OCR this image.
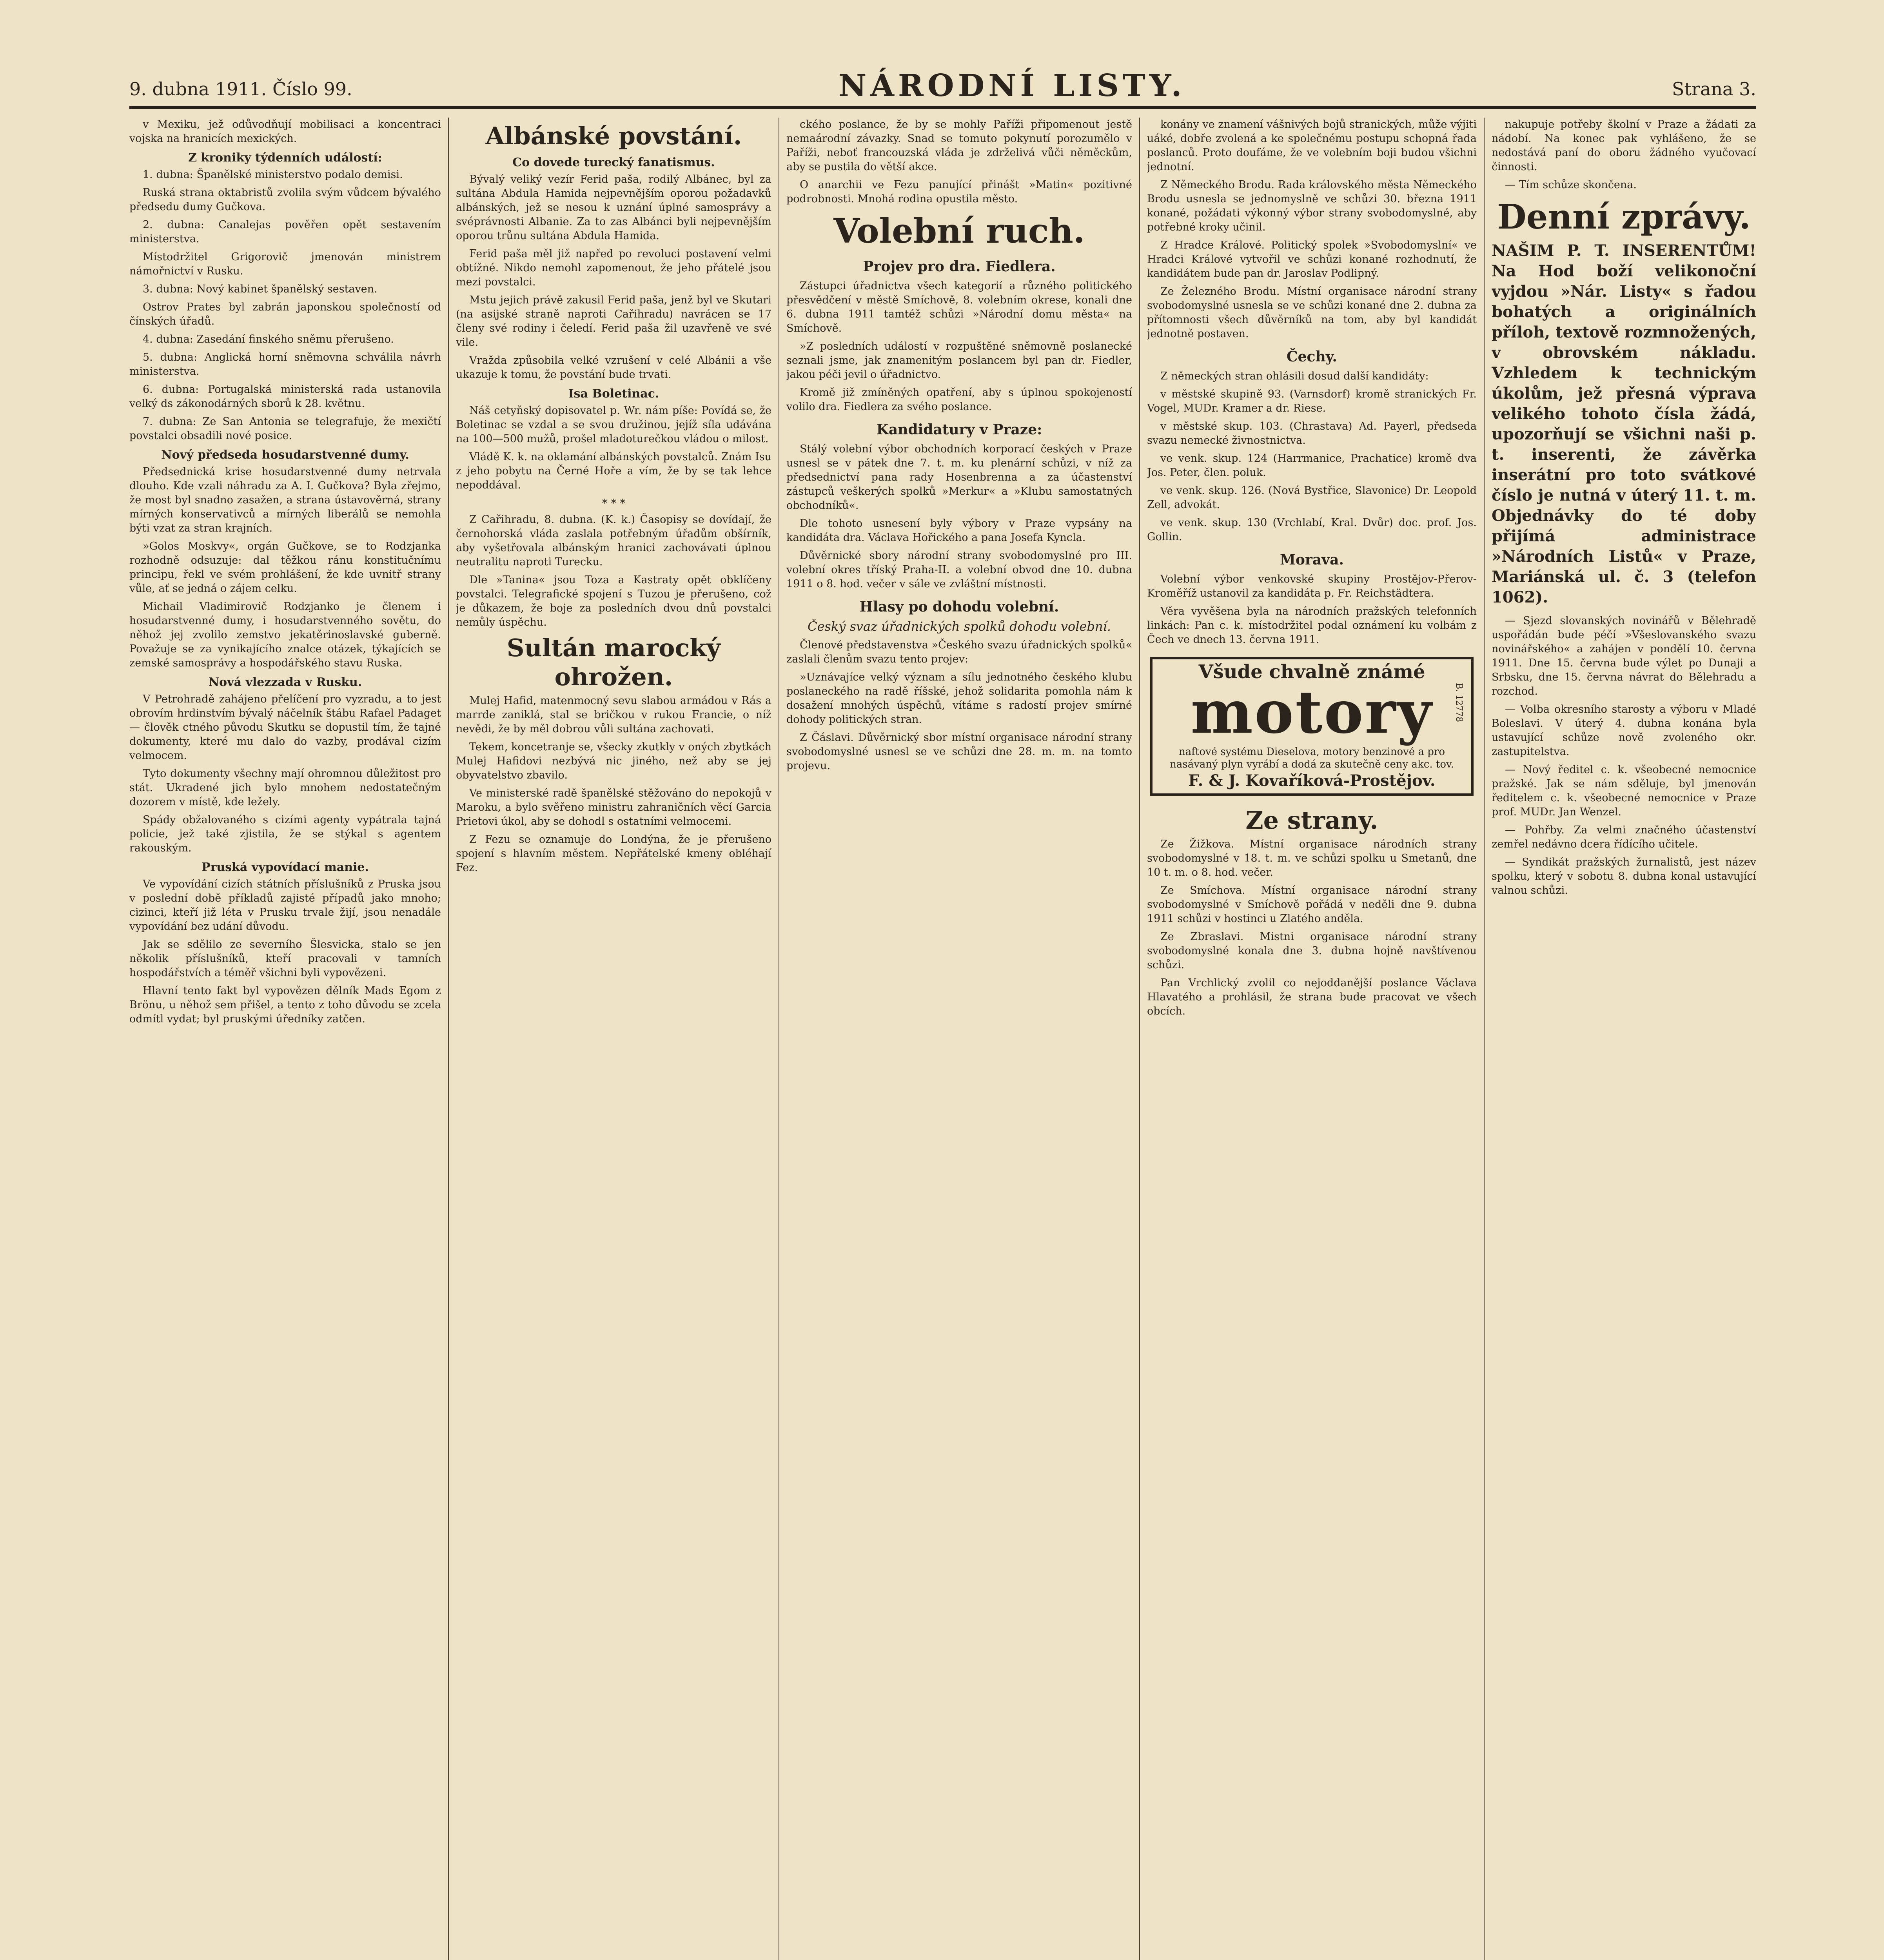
9. dubna 1911. Číslo 99.	NÁRODNÍ LISTY.	Strana 3.

v Mexiku, jež odůvodňují mobilisaci a koncentraci vojska na hranicích mexických.

Z kroniky týdenních událostí:

1. dubna: Španělské ministerstvo podalo demisi.

Ruská strana oktabristů zvolila svým vůdcem bývalého předsedu dumy Gučkova.

2. dubna: Canalejas pověřen opět sestavením ministerstva.

Místodržitel Grigorovič jmenován ministrem námořnictví v Rusku.

3. dubna: Nový kabinet španělský sestaven.

Ostrov Prates byl zabrán japonskou společností od čínských úřadů.

4. dubna: Zasedání finského sněmu přerušeno.

5. dubna: Anglická horní sněmovna schválila návrh ministerstva.

6. dubna: Portugalská ministerská rada ustanovila velký ds zákonodárných sborů k 28. květnu.

7. dubna: Ze San Antonia se telegrafuje, že mexičtí povstalci obsadili nové posice.

Nový předseda hosudarstvenné dumy.

Předsednická krise hosudarstvenné dumy netrvala dlouho. Kde vzali náhradu za A. I. Gučkova? Byla zřejmo, že most byl snadno zasažen, a strana ústavověrná, strany mírných konservativců a mírných liberálů se nemohla býti vzat za stran krajních.

»Golos Moskvy«, orgán Gučkove, se to Rodzjanka rozhodně odsuzuje: dal těžkou ránu konstitučnímu principu, řekl ve svém prohlášení, že kde uvnitř strany vůle, ať se jedná o zájem celku.

Michail Vladimirovič Rodzjanko je členem i hosudarstvenné dumy, i hosudarstvenného sovětu, do něhož jej zvolilo zemstvo jekatěrinoslavské guberně. Považuje se za vynikajícího znalce otázek, týkajících se zemské samosprávy a hospodářského stavu Ruska.

Nová vlezzada v Rusku.

V Petrohradě zahájeno přelíčení pro vyzradu, a to jest obrovím hrdinstvím bývalý náčelník štábu Rafael Padaget — člověk ctného původu Skutku se dopustil tím, že tajné dokumenty, které mu dalo do vazby, prodával cizím velmocem.

Tyto dokumenty všechny mají ohromnou důležitost pro stát. Ukradené jich bylo mnohem nedostatečným dozorem v místě, kde ležely.

Spády obžalovaného s cizími agenty vypátrala tajná policie, jež také zjistila, že se stýkal s agentem rakouským.

Pruská vypovídací manie.

Ve vypovídání cizích státních příslušníků z Pruska jsou v poslední době příkladů zajisté případů jako mnoho; cizinci, kteří již léta v Prusku trvale žijí, jsou nenadále vypovídání bez udání důvodu.

Jak se sdělilo ze severního Šlesvicka, stalo se jen několik příslušníků, kteří pracovali v tamních hospodářstvích a téměř všichni byli vypovězeni.

Hlavní tento fakt byl vypovězen dělník Mads Egom z Brönu, u něhož sem přišel, a tento z toho důvodu se zcela odmítl vydat; byl pruskými úředníky zatčen.

Albánské povstání.
Co dovede turecký fanatismus.

Bývalý veliký vezír Ferid paša, rodilý Albánec, byl za sultána Abdula Hamida nejpevnějším oporou požadavků albánských, jež se nesou k uznání úplné samosprávy a svéprávnosti Albanie. Za to zas Albánci byli nejpevnějším oporou trůnu sultána Abdula Hamida.

Ferid paša měl již napřed po revoluci postavení velmi obtížné. Nikdo nemohl zapomenout, že jeho přátelé jsou mezi povstalci.

Mstu jejich právě zakusil Ferid paša, jenž byl ve Skutari (na asijské straně naproti Cařihradu) navrácen se 17 členy své rodiny i čeledí. Ferid paša žil uzavřeně ve své vile.

Vražda způsobila velké vzrušení v celé Albánii a vše ukazuje k tomu, že povstání bude trvati.

Isa Boletinac.

Náš cetyňský dopisovatel p. Wr. nám píše: Povídá se, že Boletinac se vzdal a se svou družinou, jejíž síla udávána na 100—500 mužů, prošel mladoturečkou vládou o milost.

Vládě K. k. na oklamání albánských povstalců. Znám Isu z jeho pobytu na Černé Hoře a vím, že by se tak lehce nepoddával.

* * *

Z Cařihradu, 8. dubna. (K. k.) Časopisy se dovídají, že černohorská vláda zaslala potřebným úřadům obšírník, aby vyšetřovala albánským hranici zachovávati úplnou neutralitu naproti Turecku.

Dle »Tanina« jsou Toza a Kastraty opět obklíčeny povstalci. Telegrafické spojení s Tuzou je přerušeno, což je důkazem, že boje za posledních dvou dnů povstalci nemůly úspěchu.

Sultán marocký ohrožen.

Mulej Hafid, matenmocný sevu slabou armádou v Rás a marrde zaniklá, stal se bričkou v rukou Francie, o níž nevědi, že by měl dobrou vůli sultána zachovati.

Tekem, koncetranje se, všecky zkutkly v oných zbytkách Mulej Hafidovi nezbývá nic jiného, než aby se jej obyvatelstvo zbavilo.

Ve ministerské radě španělské stěžováno do nepokojů v Maroku, a bylo svěřeno ministru zahraničních věcí Garcia Prietovi úkol, aby se dohodl s ostatními velmocemi.

Z Fezu se oznamuje do Londýna, že je přerušeno spojení s hlavním městem. Nepřátelské kmeny obléhají Fez.

ckého poslance, že by se mohly Paříži připomenout jestě nemaárodní závazky. Snad se tomuto pokynutí porozumělo v Paříži, neboť francouzská vláda je zdrželivá vůči něměckům, aby se pustila do větší akce.

O anarchii ve Fezu panující přinášt »Matin« pozitivné podrobnosti. Mnohá rodina opustila město.

Volební ruch.
Projev pro dra. Fiedlera.

Zástupci úřadnictva všech kategorií a různého politického přesvědčení v městě Smíchově, 8. volebním okrese, konali dne 6. dubna 1911 tamtéž schůzi »Národní domu města« na Smíchově.

»Z posledních událostí v rozpuštěné sněmovně poslanecké seznali jsme, jak znamenitým poslancem byl pan dr. Fiedler, jakou péči jevil o úřadnictvo.

Kromě již zmíněných opatření, aby s úplnou spokojeností volilo dra. Fiedlera za svého poslance.

Kandidatury v Praze:

Stálý volební výbor obchodních korporací českých v Praze usnesl se v pátek dne 7. t. m. ku plenární schůzi, v níž za předsednictví pana rady Hosenbrenna a za účastenství zástupců veškerých spolků »Merkur« a »Klubu samostatných obchodníků«.

Dle tohoto usnesení byly výbory v Praze vypsány na kandidáta dra. Václava Hořického a pana Josefa Kyncla.

Důvěrnické sbory národní strany svobodomyslné pro III. volební okres tříský Praha-II. a volební obvod dne 10. dubna 1911 o 8. hod. večer v sále ve zvláštní místnosti.

Hlasy po dohodu volební.
Český svaz úřadnických spolků dohodu volební.

Členové představenstva »Českého svazu úřadnických spolků« zaslali členům svazu tento projev:

»Uznávajíce velký význam a sílu jednotného českého klubu poslaneckého na radě říšské, jehož solidarita pomohla nám k dosažení mnohých úspěchů, vítáme s radostí projev smírné dohody politických stran.

Z Čáslavi. Důvěrnický sbor místní organisace národní strany svobodomyslné usnesl se ve schůzi dne 28. m. m. na tomto projevu.

konány ve znamení vášnivých bojů stranických, může výjiti uáké, dobře zvolená a ke společnému postupu schopná řada poslanců. Proto doufáme, že ve volebním boji budou všichni jednotní.

Z Německého Brodu. Rada královského města Německého Brodu usnesla se jednomyslně ve schůzi 30. března 1911 konané, požádati výkonný výbor strany svobodomyslné, aby potřebné kroky učinil.

Z Hradce Králové. Politický spolek »Svobodomyslní« ve Hradci Králové vytvořil ve schůzi konané rozhodnutí, že kandidátem bude pan dr. Jaroslav Podlipný.

Ze Železného Brodu. Místní organisace národní strany svobodomyslné usnesla se ve schůzi konané dne 2. dubna za přítomnosti všech důvěrníků na tom, aby byl kandidát jednotně postaven.

Čechy.

Z německých stran ohlásili dosud další kandidáty:

v městské skupině 93. (Varnsdorf) kromě stranických Fr. Vogel, MUDr. Kramer a dr. Riese.

v městské skup. 103. (Chrastava) Ad. Payerl, předseda svazu nemecké živnostnictva.

ve venk. skup. 124 (Harrmanice, Prachatice) kromě dva Jos. Peter, člen. poluk.

ve venk. skup. 126. (Nová Bystřice, Slavonice) Dr. Leopold Zell, advokát.

ve venk. skup. 130 (Vrchlabí, Kral. Dvůr) doc. prof. Jos. Gollin.

Morava.

Volební výbor venkovské skupiny Prostějov-Přerov-Kroměříž ustanovil za kandidáta p. Fr. Reichstädtera.

Věra vyvěšena byla na národních pražských telefonních linkách: Pan c. k. místodržitel podal oznámení ku volbám z Čech ve dnech 13. června 1911.

Všude chvalně známé
motory
naftové systému Dieselova, motory benzinové a pro nasávaný plyn vyrábí a dodá za skutečně ceny akc. tov.
F. & J. Kovaříková-Prostějov.
B. 12778
Ze strany.

Ze Žižkova. Místní organisace národních strany svobodomyslné v 18. t. m. ve schůzi spolku u Smetanů, dne 10 t. m. o 8. hod. večer.

Ze Smíchova. Místní organisace národní strany svobodomyslné v Smíchově pořádá v neděli dne 9. dubna 1911 schůzi v hostinci u Zlatého anděla.

Ze Zbraslavi. Mistni organisace národní strany svobodomyslné konala dne 3. dubna hojně navštívenou schůzi.

Pan Vrchlický zvolil co nejoddanější poslance Václava Hlavatého a prohlásil, že strana bude pracovat ve všech obcích.

nakupuje potřeby školní v Praze a žádati za nádobí. Na konec pak vyhlášeno, že se nedostává paní do oboru žádného vyučovací činnosti.

— Tím schůze skončena.

Denní zprávy.
NAŠIM P. T. INSERENTŮM! Na Hod boží velikonoční vyjdou »Nár. Listy« s řadou bohatých a originálních příloh, textově rozmnožených, v obrovském nákladu. Vzhledem k technickým úkolům, jež přesná výprava velikého tohoto čísla žádá, upozorňují se všichni naši p. t. inserenti, že závěrka inserátní pro toto svátkové číslo je nutná v úterý 11. t. m. Objednávky do té doby přijímá administrace »Národních Listů« v Praze, Mariánská ul. č. 3 (telefon 1062).

— Sjezd slovanských novinářů v Bělehradě uspořádán bude péčí »Všeslovanského svazu novinářského« a zahájen v pondělí 10. června 1911. Dne 15. června bude výlet po Dunaji a Srbsku, dne 15. června návrat do Bělehradu a rozchod.

— Volba okresního starosty a výboru v Mladé Boleslavi. V úterý 4. dubna konána byla ustavující schůze nově zvoleného okr. zastupitelstva.

— Nový ředitel c. k. všeobecné nemocnice pražské. Jak se nám sděluje, byl jmenován ředitelem c. k. všeobecné nemocnice v Praze prof. MUDr. Jan Wenzel.

— Pohřby. Za velmi značného účastenství zemřel nedávno dcera řídícího učitele.

— Syndikát pražských žurnalistů, jest název spolku, který v sobotu 8. dubna konal ustavující valnou schůzi.
